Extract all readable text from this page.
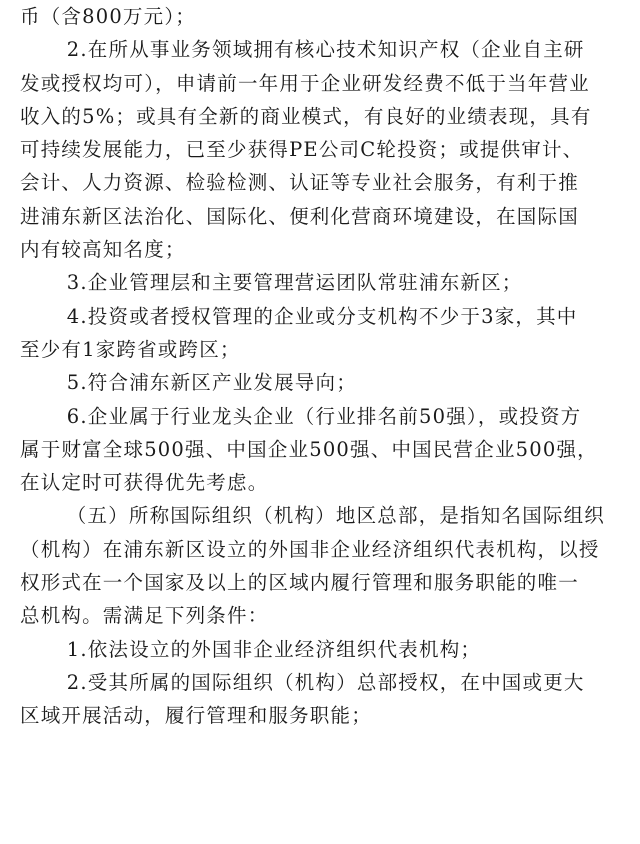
币（含800万元）；

2.在所从事业务领域拥有核心技术知识产权（企业自主研
发或授权均可），申请前一年用于企业研发经费不低于当年营业
收入的5%；或具有全新的商业模式，有良好的业绩表现，具有
可持续发展能力，已至少获得PE公司C轮投资；或提供审计、
会计、人力资源、检验检测、认证等专业社会服务，有利于推
进浦东新区法治化、国际化、便利化营商环境建设，在国际国
内有较高知名度；

3.企业管理层和主要管理营运团队常驻浦东新区；

4.投资或者授权管理的企业或分支机构不少于3家，其中
至少有1家跨省或跨区；

5.符合浦东新区产业发展导向；

6.企业属于行业龙头企业（行业排名前50强），或投资方
属于财富全球500强、中国企业500强、中国民营企业500强，
在认定时可获得优先考虑。

（五）所称国际组织（机构）地区总部，是指知名国际组织
（机构）在浦东新区设立的外国非企业经济组织代表机构，以授
权形式在一个国家及以上的区域内履行管理和服务职能的唯一
总机构。需满足下列条件：

1.依法设立的外国非企业经济组织代表机构；

2.受其所属的国际组织（机构）总部授权，在中国或更大
区域开展活动，履行管理和服务职能；
